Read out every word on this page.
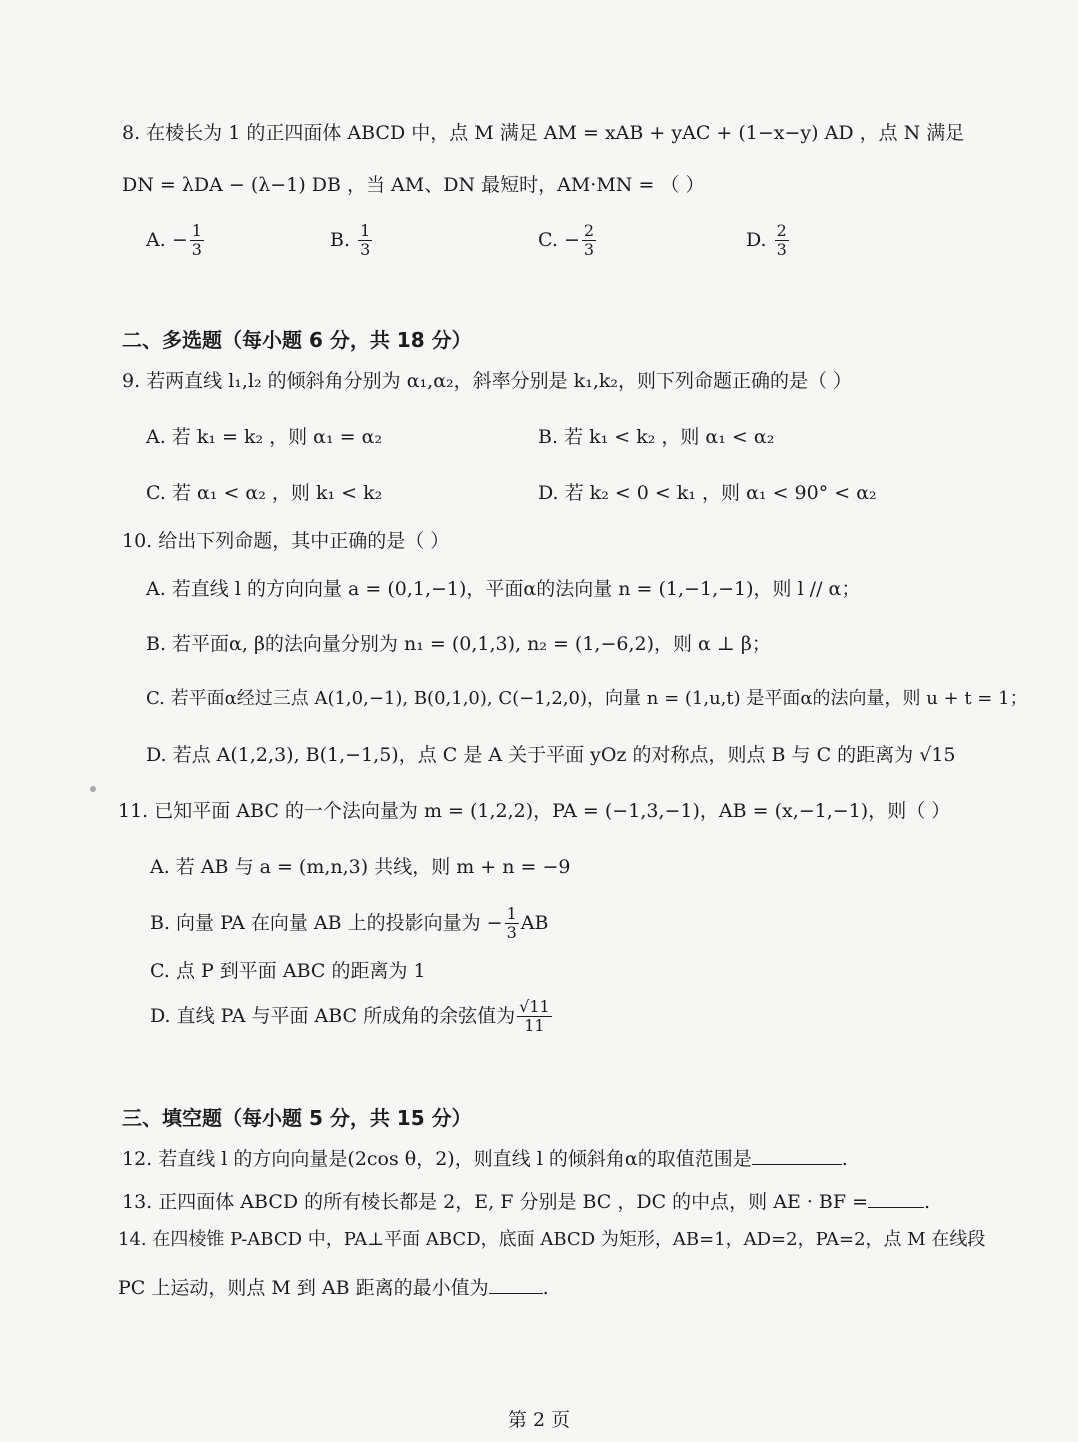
8. 在棱长为 1 的正四面体 ABCD 中，点 M 满足 AM = xAB + yAC + (1−x−y) AD ，点 N 满足
DN = λDA − (λ−1) DB ，当 AM、DN 最短时，AM·MN = （ ）
A. − $\frac{1}{3}$	B. $\frac{1}{3}$	C. − $\frac{2}{3}$	D. $\frac{2}{3}$
二、多选题（每小题 6 分，共 18 分）
9. 若两直线 l₁,l₂ 的倾斜角分别为 α₁,α₂，斜率分别是 k₁,k₂，则下列命题正确的是（ ）
A. 若 k₁ = k₂ ，则 α₁ = α₂	B. 若 k₁ < k₂ ，则 α₁ < α₂
C. 若 α₁ < α₂ ，则 k₁ < k₂	D. 若 k₂ < 0 < k₁ ，则 α₁ < 90° < α₂
10. 给出下列命题，其中正确的是（ ）
A. 若直线 l 的方向向量 a = (0,1,−1)，平面α的法向量 n = (1,−1,−1)，则 l // α；
B. 若平面α, β的法向量分别为 n₁ = (0,1,3), n₂ = (1,−6,2)，则 α ⊥ β；
C. 若平面α经过三点 A(1,0,−1), B(0,1,0), C(−1,2,0)，向量 n = (1,u,t) 是平面α的法向量，则 u + t = 1；
D. 若点 A(1,2,3), B(1,−1,5)，点 C 是 A 关于平面 yOz 的对称点，则点 B 与 C 的距离为 √15
11. 已知平面 ABC 的一个法向量为 m = (1,2,2)，PA = (−1,3,−1)，AB = (x,−1,−1)，则（ ）
A. 若 AB 与 a = (m,n,3) 共线，则 m + n = −9
B. 向量 PA 在向量 AB 上的投影向量为 − $\frac{1}{3}$ AB
C. 点 P 到平面 ABC 的距离为 1
D. 直线 PA 与平面 ABC 所成角的余弦值为 $\frac{√11}{11}$
三、填空题（每小题 5 分，共 15 分）
12. 若直线 l 的方向向量是(2cos θ，2)，则直线 l 的倾斜角α的取值范围是	.
13. 正四面体 ABCD 的所有棱长都是 2，E, F 分别是 BC ，DC 的中点，则 AE · BF =	.
14. 在四棱锥 P-ABCD 中，PA⊥平面 ABCD，底面 ABCD 为矩形，AB=1，AD=2，PA=2，点 M 在线段
PC 上运动，则点 M 到 AB 距离的最小值为	.
第 2 页
